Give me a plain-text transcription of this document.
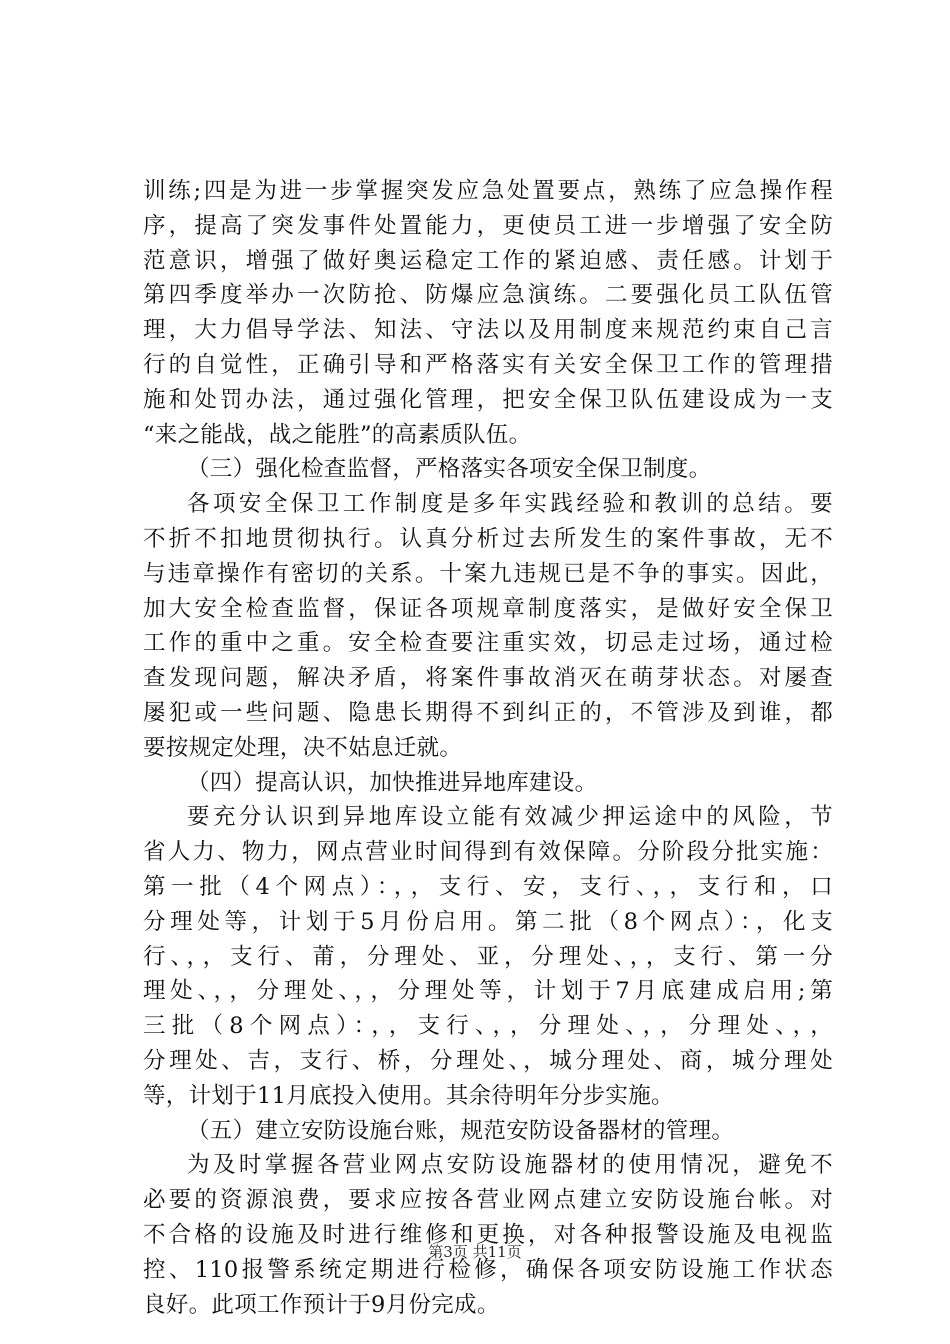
训练;四是为进一步掌握突发应急处置要点，熟练了应急操作程
序，提高了突发事件处置能力，更使员工进一步增强了安全防
范意识，增强了做好奥运稳定工作的紧迫感、责任感。计划于
第四季度举办一次防抢、防爆应急演练。二要强化员工队伍管
理，大力倡导学法、知法、守法以及用制度来规范约束自己言
行的自觉性，正确引导和严格落实有关安全保卫工作的管理措
施和处罚办法，通过强化管理，把安全保卫队伍建设成为一支
“来之能战，战之能胜”的高素质队伍。
（三）强化检查监督，严格落实各项安全保卫制度。
各项安全保卫工作制度是多年实践经验和教训的总结。要
不折不扣地贯彻执行。认真分析过去所发生的案件事故，无不
与违章操作有密切的关系。十案九违规已是不争的事实。因此，
加大安全检查监督，保证各项规章制度落实，是做好安全保卫
工作的重中之重。安全检查要注重实效，切忌走过场，通过检
查发现问题，解决矛盾，将案件事故消灭在萌芽状态。对屡查
屡犯或一些问题、隐患长期得不到纠正的，不管涉及到谁，都
要按规定处理，决不姑息迁就。
（四）提高认识，加快推进异地库建设。
要充分认识到异地库设立能有效减少押运途中的风险，节
省人力、物力，网点营业时间得到有效保障。分阶段分批实施：
第一批（4个网点）：，，支行、安，支行、，，支行和，口
分理处等，计划于5月份启用。第二批（8个网点）：，化支
行、，，支行、莆，分理处、亚，分理处、，，支行、第一分
理处、，，分理处、，，分理处等，计划于7月底建成启用;第
三批（8个网点）：，，支行、，，分理处、，，分理处、，，
分理处、吉，支行、桥，分理处、，城分理处、商，城分理处
等，计划于11月底投入使用。其余待明年分步实施。
（五）建立安防设施台账，规范安防设备器材的管理。
为及时掌握各营业网点安防设施器材的使用情况，避免不
必要的资源浪费，要求应按各营业网点建立安防设施台帐。对
不合格的设施及时进行维修和更换，对各种报警设施及电视监
控、110报警系统定期进行检修，确保各项安防设施工作状态
良好。此项工作预计于9月份完成。
第3页 共11页
